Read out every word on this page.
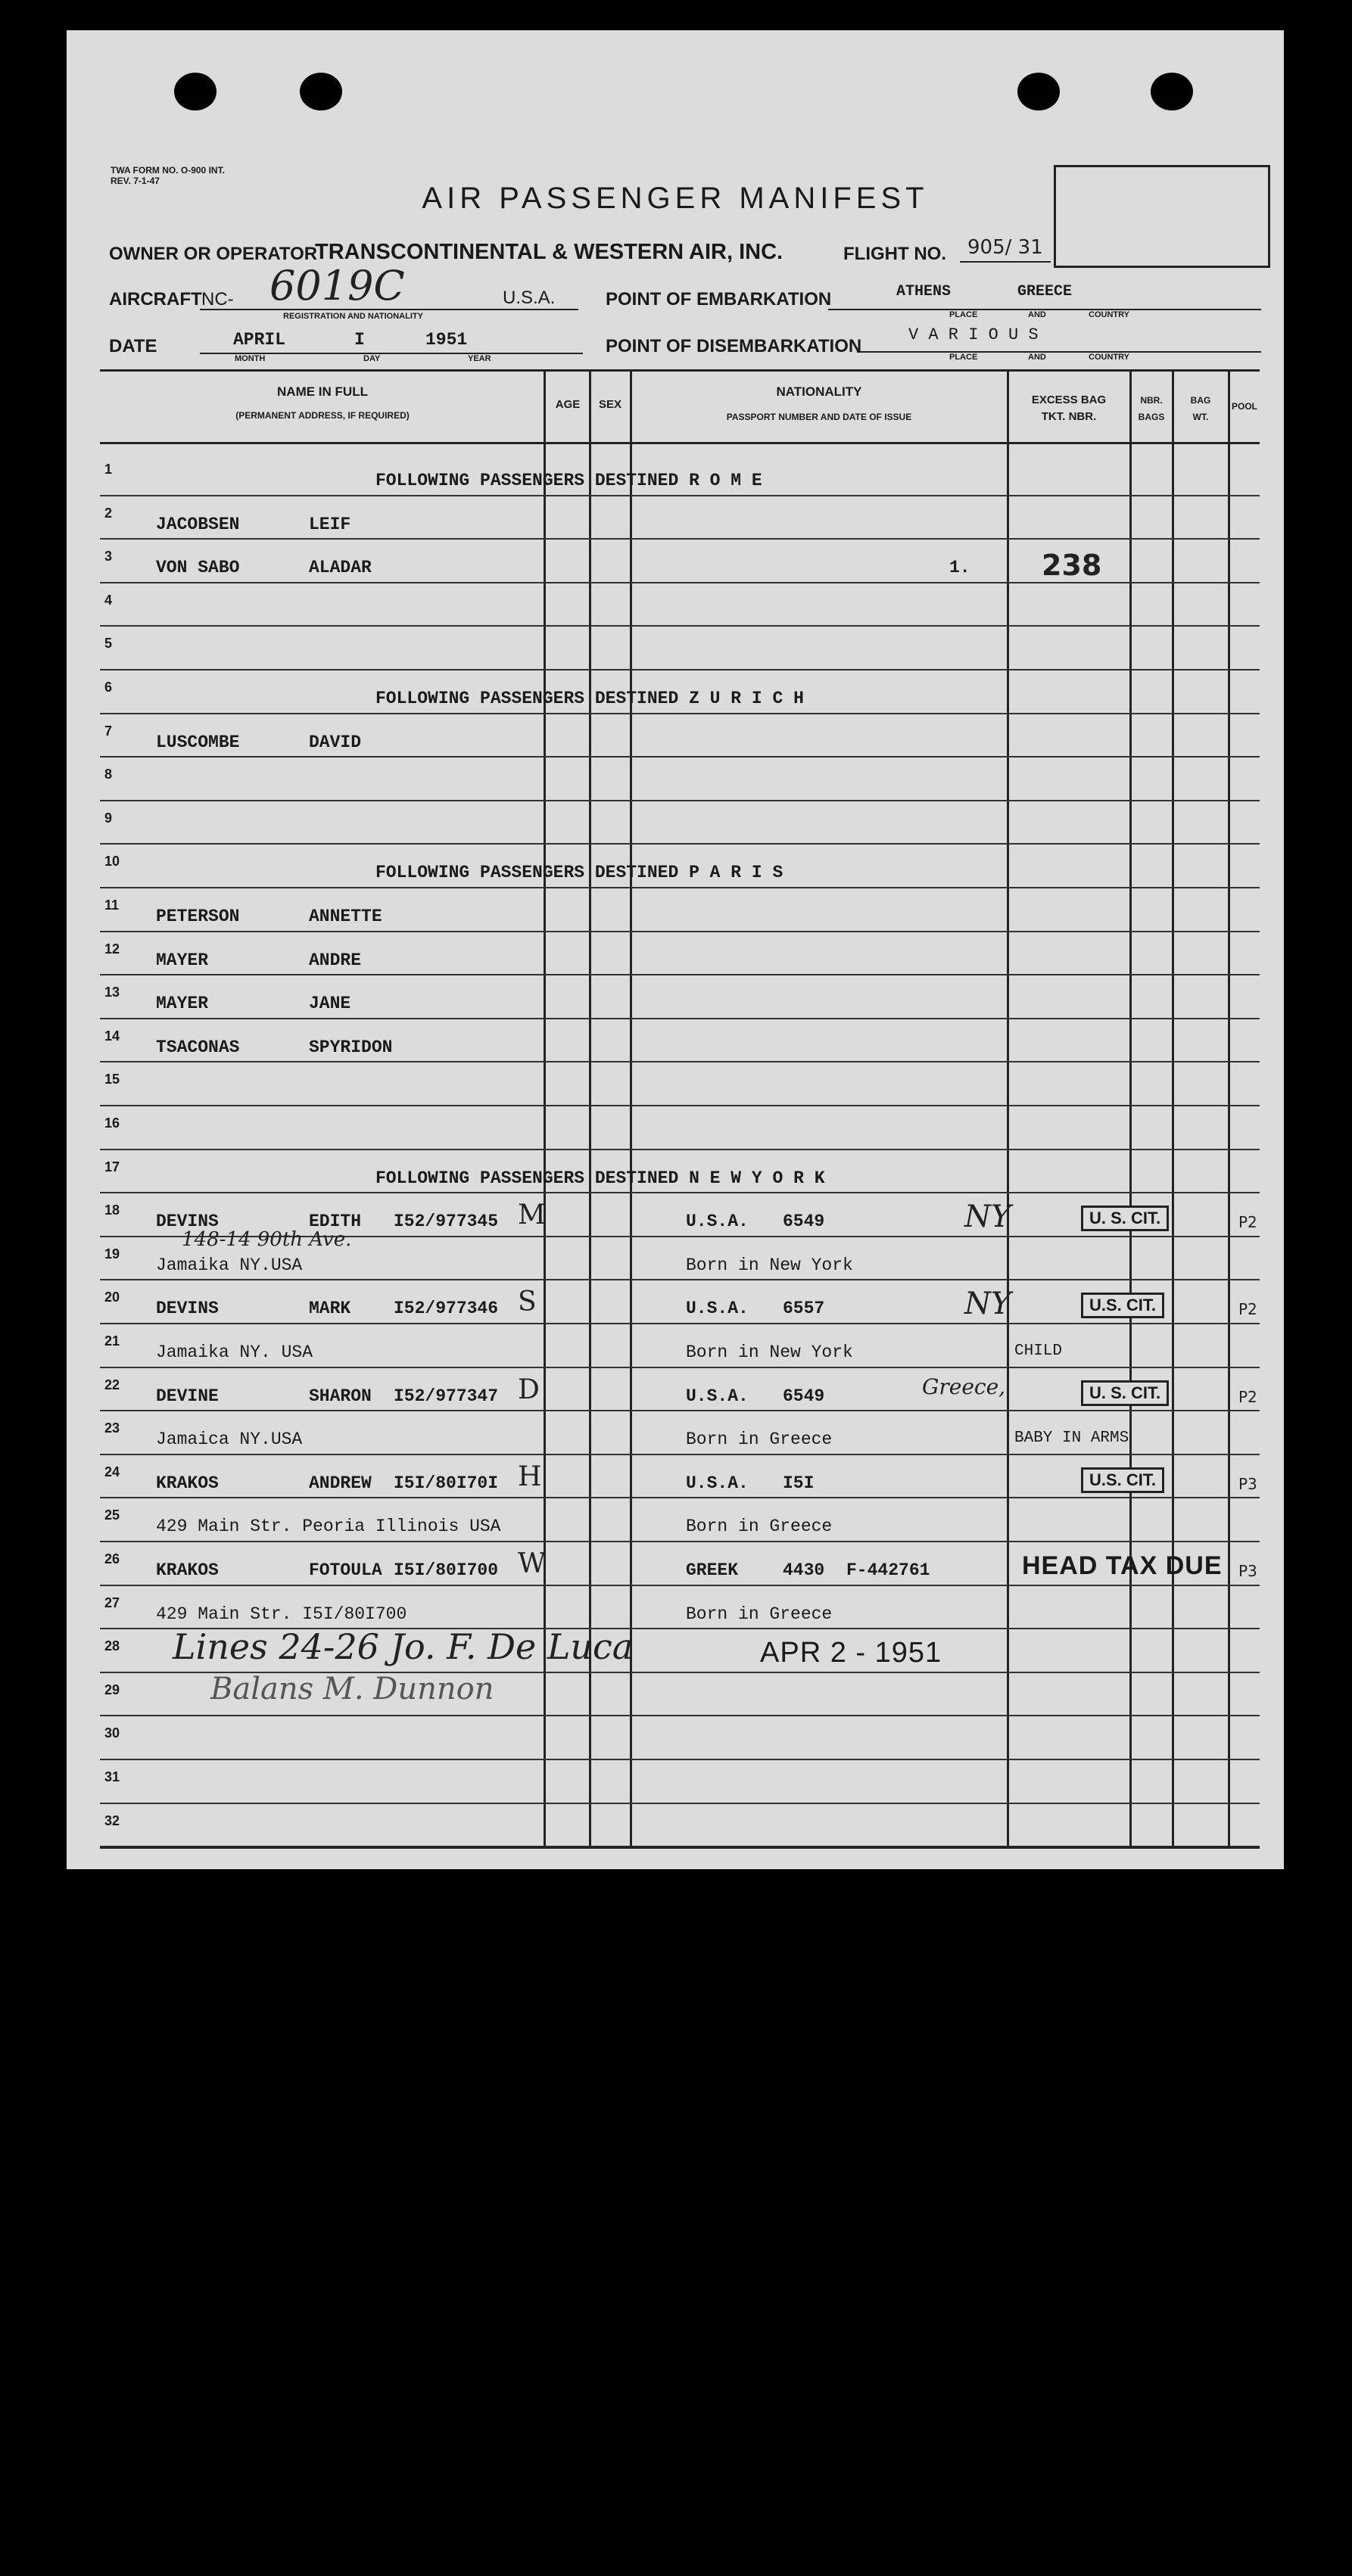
TWA FORM NO. O-900 INT.
REV. 7-1-47
AIR PASSENGER MANIFEST
OWNER OR OPERATOR
TRANSCONTINENTAL & WESTERN AIR, INC.	FLIGHT NO. 905/ 31
AIRCRAFT NC- 6019C	U.S.A.
REGISTRATION AND NATIONALITY
POINT OF EMBARKATION	ATHENS	GREECE
PLACE	AND	COUNTRY
DATE	APRIL	I	1951
MONTH	DAY	YEAR
POINT OF DISEMBARKATION
V A R I O U S
PLACE	AND	COUNTRY
NAME IN FULL
(PERMANENT ADDRESS, IF REQUIRED)
AGE	SEX
NATIONALITY
PASSPORT NUMBER AND DATE OF ISSUE
EXCESS BAG
TKT. NBR.
NBR.
BAGS
BAG
WT.
POOL
1
FOLLOWING PASSENGERS DESTINED R O M E
2
JACOBSEN	LEIF
3
VON SABO	ALADAR	1. 238
4
5
6
FOLLOWING PASSENGERS DESTINED Z U R I C H
7
LUSCOMBE	DAVID
8
9
10
FOLLOWING PASSENGERS DESTINED P A R I S
11
PETERSON	ANNETTE
12
MAYER	ANDRE
13
MAYER	JANE
14
TSACONAS	SPYRIDON
15
16
17
FOLLOWING PASSENGERS DESTINED N E W Y O R K
18
DEVINS	EDITH I52/977345 M	U.S.A. 6549	NY	U. S. CIT.	P2
19
Jamaika NY.USA
148-14 90th Ave.
Born in New York
20
DEVINS	MARK I52/977346 S	U.S.A. 6557	NY	U.S. CIT.	P2
21
Jamaika NY. USA	Born in New York	CHILD
22
DEVINE	SHARON I52/977347 D	U.S.A. 6549	Greece,	U. S. CIT.	P2
23
Jamaica NY.USA	Born in Greece	BABY IN ARMS
24
KRAKOS	ANDREW I5I/80I70I H	U.S.A. I5I	U.S. CIT.	P3
25
429 Main Str. Peoria Illinois USA	Born in Greece
26
KRAKOS	FOTOULA I5I/80I700 W	GREEK	4430 F-442761	HEAD TAX DUE P3
27
429 Main Str. I5I/80I700	Born in Greece
28	Lines 24-26 Jo. F. De Luca	APR 2 - 1951
29	Balans M. Dunnon
30
31
32
